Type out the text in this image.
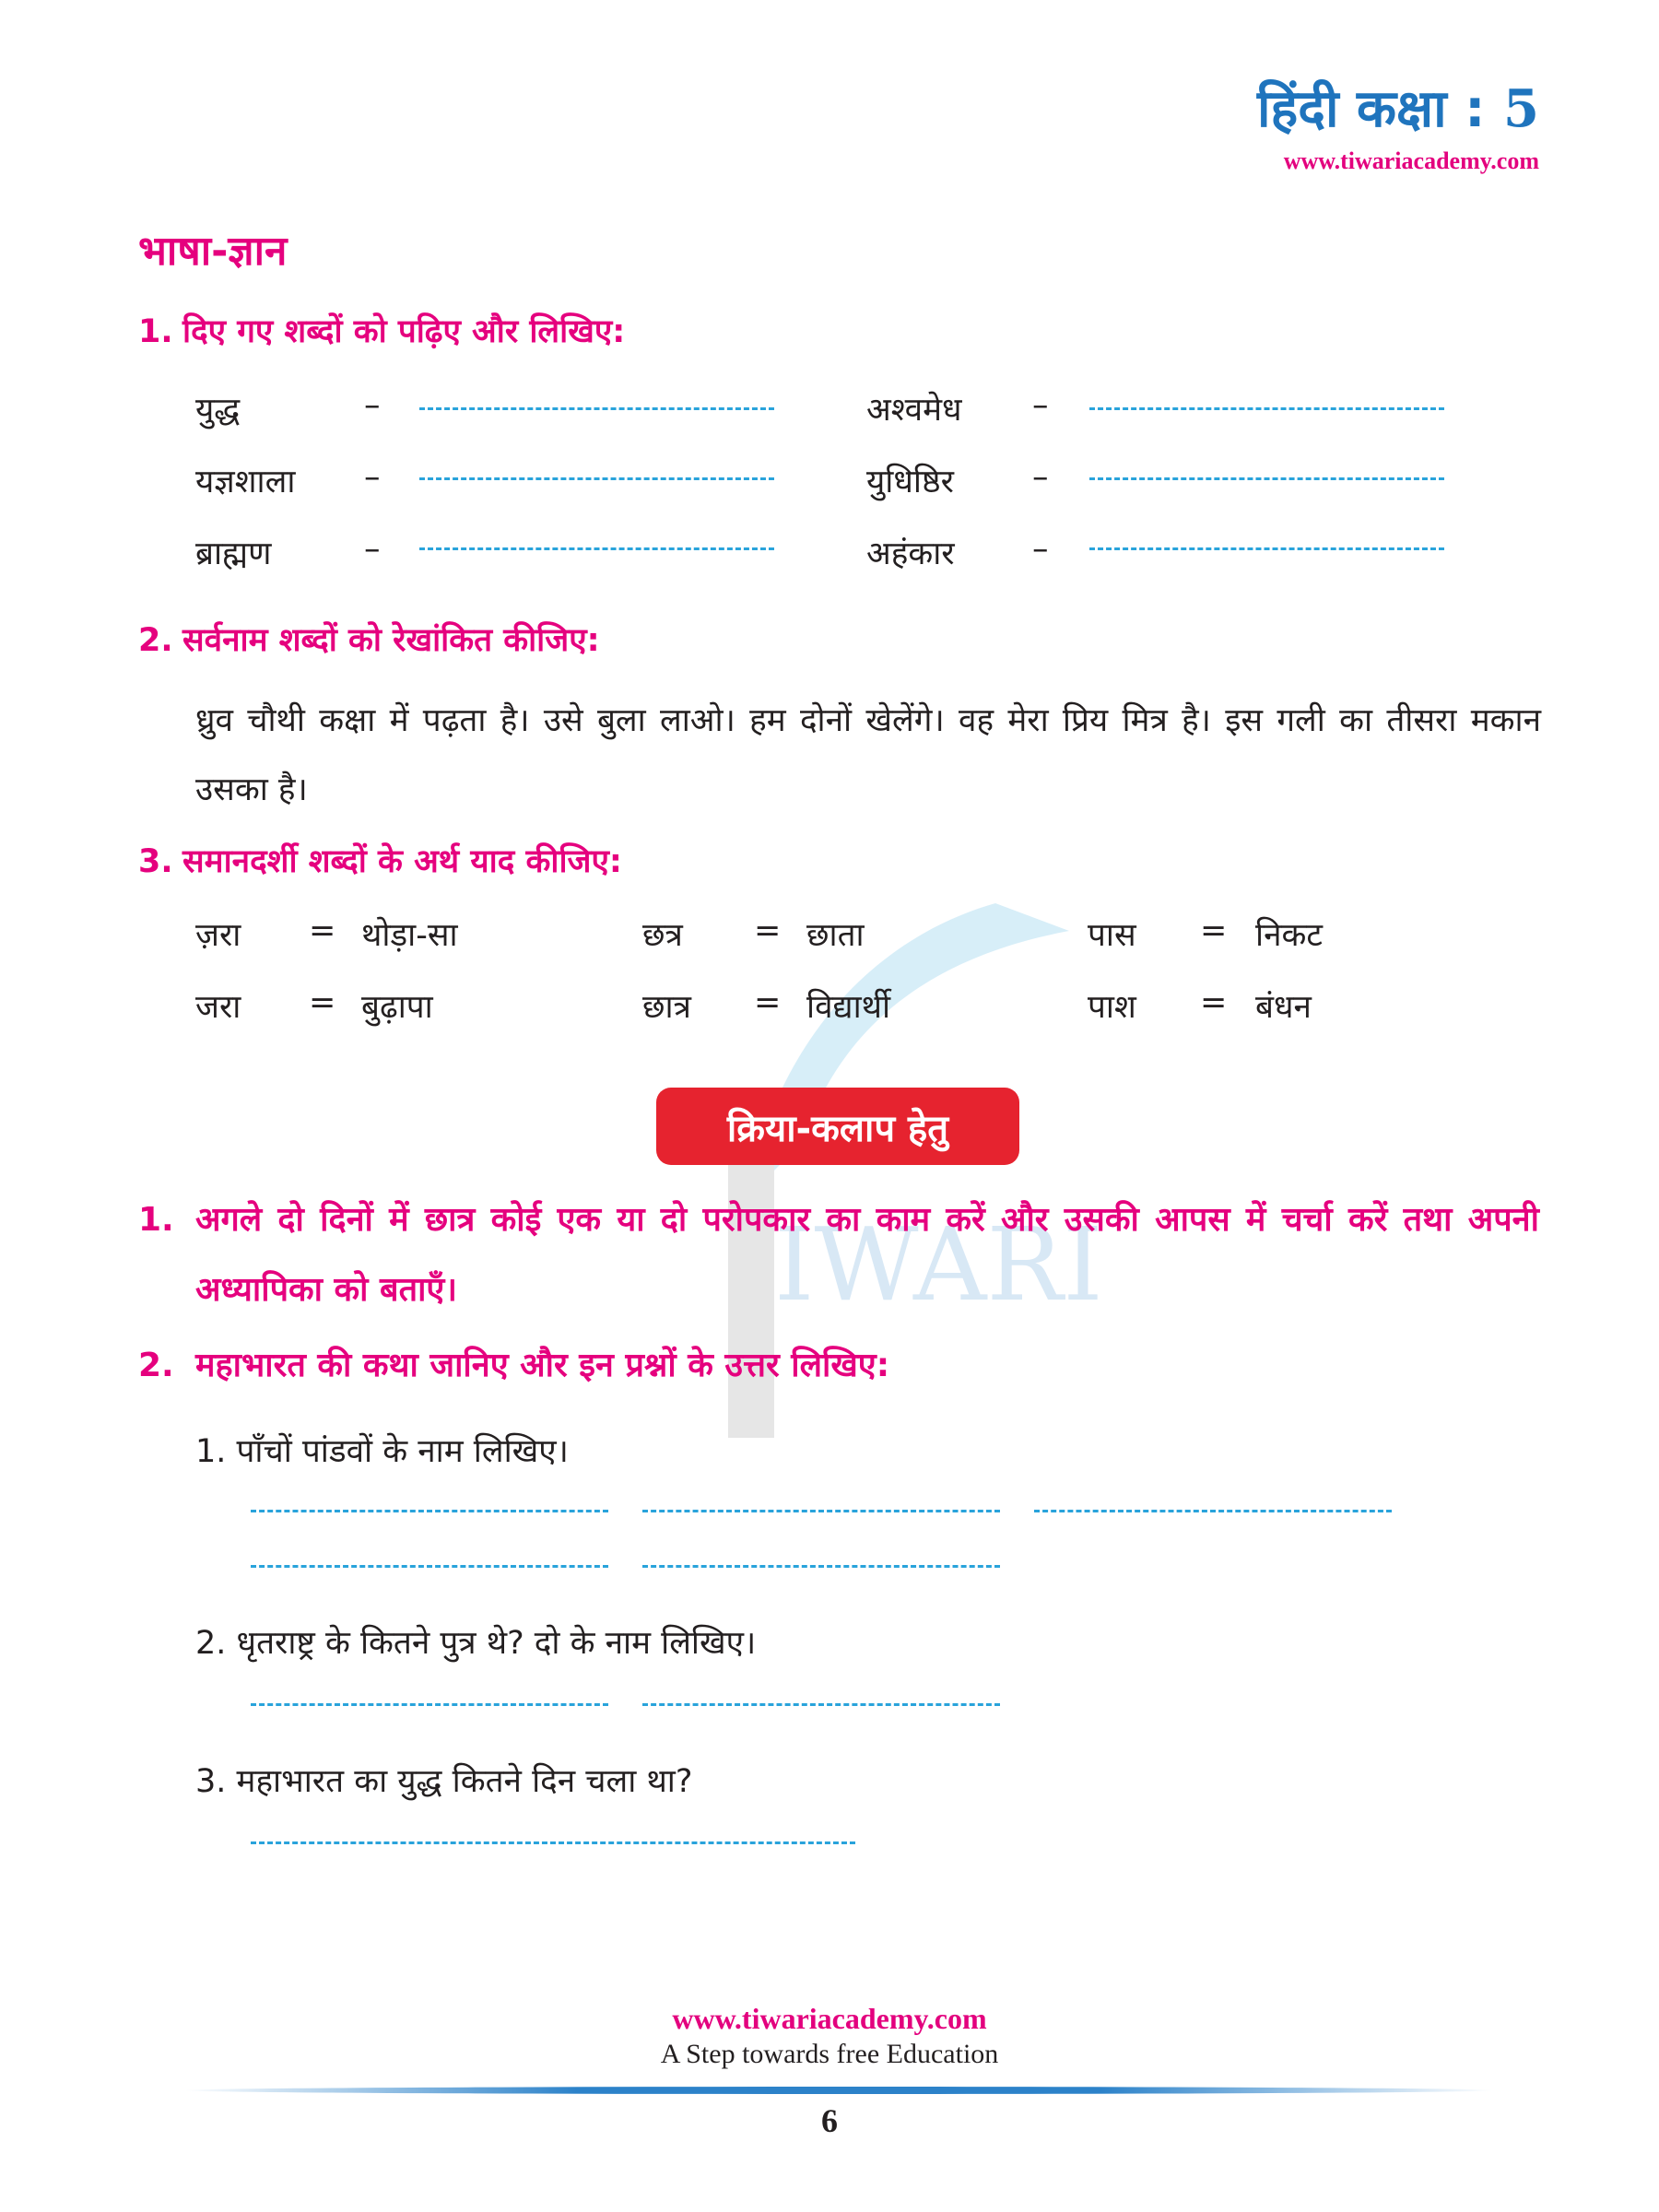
IWARI
हिंदी कक्षा : 5
www.tiwariacademy.com
भाषा-ज्ञान
1. दिए गए शब्दों को पढ़िए और लिखिए:
युद्ध	–	अश्वमेध –
यज्ञशाला –	युधिष्ठिर –
ब्राह्मण	–	अहंकार –
2. सर्वनाम शब्दों को रेखांकित कीजिए:
ध्रुव चौथी कक्षा में पढ़ता है। उसे बुला लाओ। हम दोनों खेलेंगे। वह मेरा प्रिय मित्र है। इस गली का तीसरा मकान उसका है।
3. समानदर्शी शब्दों के अर्थ याद कीजिए:
ज़रा = थोड़ा-सा	छत्र = छाता	पास = निकट
जरा = बुढ़ापा	छात्र = विद्यार्थी	पाश = बंधन
क्रिया-कलाप हेतु
1. अगले दो दिनों में छात्र कोई एक या दो परोपकार का काम करें और उसकी आपस में चर्चा करें तथा अपनी अध्यापिका को बताएँ।
2. महाभारत की कथा जानिए और इन प्रश्नों के उत्तर लिखिए:
1. पाँचों पांडवों के नाम लिखिए।
2. धृतराष्ट्र के कितने पुत्र थे? दो के नाम लिखिए।
3. महाभारत का युद्ध कितने दिन चला था?
www.tiwariacademy.com
A Step towards free Education
6
